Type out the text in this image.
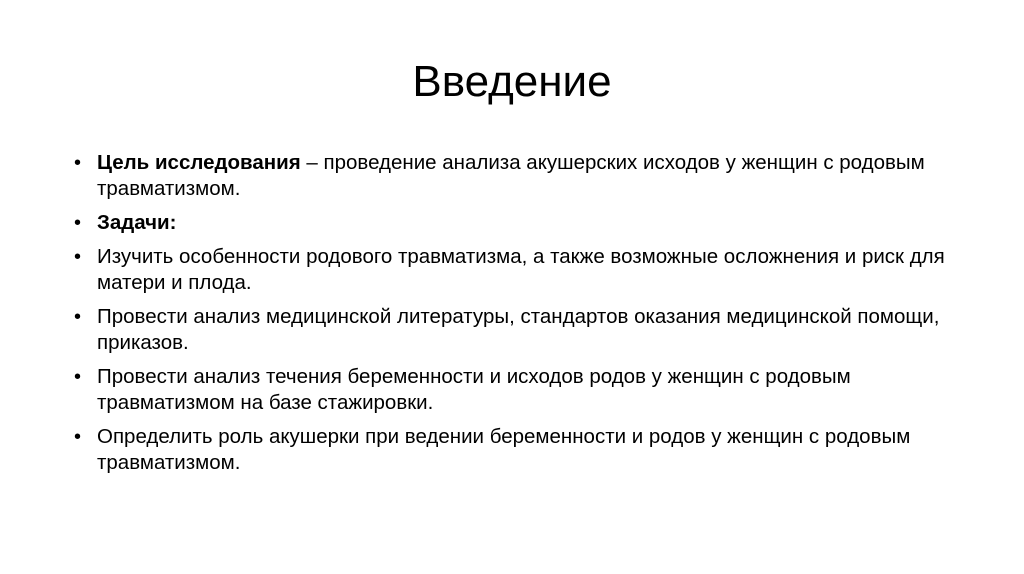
Введение
• Цель исследования – проведение анализа акушерских исходов у женщин с родовым травматизмом.
• Задачи:
• Изучить особенности родового травматизма, а также возможные осложнения и риск для матери и плода.
• Провести анализ медицинской литературы, стандартов оказания медицинской помощи, приказов.
• Провести анализ течения беременности и исходов родов у женщин с родовым травматизмом на базе стажировки.
• Определить роль акушерки при ведении беременности и родов у женщин с родовым травматизмом.
